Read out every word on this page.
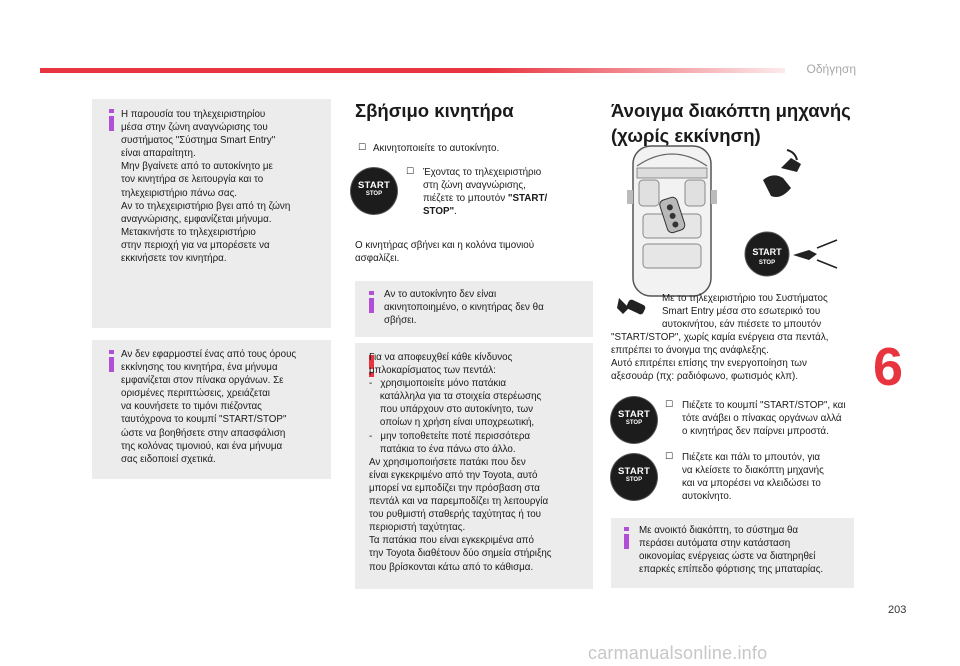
Οδήγηση
6
203
carmanualsonline.info
Η παρουσία του τηλεχειριστηρίου
μέσα στην ζώνη αναγνώρισης του
συστήματος "Σύστημα Smart Entry"
είναι απαραίτητη.
Μην βγαίνετε από το αυτοκίνητο με
τον κινητήρα σε λειτουργία και το
τηλεχειριστήριο πάνω σας.
Αν το τηλεχειριστήριο βγει από τη ζώνη
αναγνώρισης, εμφανίζεται μήνυμα.
Μετακινήστε το τηλεχειριστήριο
στην περιοχή για να μπορέσετε να
εκκινήσετε τον κινητήρα.
Αν δεν εφαρμοστεί ένας από τους όρους
εκκίνησης του κινητήρα, ένα μήνυμα
εμφανίζεται στον πίνακα οργάνων. Σε
ορισμένες περιπτώσεις, χρειάζεται
να κουνήσετε το τιμόνι πιέζοντας
ταυτόχρονα το κουμπί "START/STOP"
ώστε να βοηθήσετε στην απασφάλιση
της κολόνας τιμονιού, και ένα μήνυμα
σας ειδοποιεί σχετικά.
Σβήσιμο κινητήρα
☐ Ακινητοποιείτε το αυτοκίνητο.
START
STOP
☐ Έχοντας το τηλεχειριστήριο
στη ζώνη αναγνώρισης,
πιέζετε το μπουτόν "START/
STOP".
Ο κινητήρας σβήνει και η κολόνα τιμονιού
ασφαλίζει.
Αν το αυτοκίνητο δεν είναι
ακινητοποιημένο, ο κινητήρας δεν θα
σβήσει.
Για να αποφευχθεί κάθε κίνδυνος
μπλοκαρίσματος των πεντάλ:
-   χρησιμοποιείτε μόνο πατάκια
κατάλληλα για τα στοιχεία στερέωσης
που υπάρχουν στο αυτοκίνητο, των
οποίων η χρήση είναι υποχρεωτική,
-   μην τοποθετείτε ποτέ περισσότερα
πατάκια το ένα πάνω στο άλλο.
Αν χρησιμοποιήσετε πατάκι που δεν
είναι εγκεκριμένο από την Toyota, αυτό
μπορεί να εμποδίζει την πρόσβαση στα
πεντάλ και να παρεμποδίζει τη λειτουργία
του ρυθμιστή σταθερής ταχύτητας ή του
περιοριστή ταχύτητας.
Τα πατάκια που είναι εγκεκριμένα από
την Toyota διαθέτουν δύο σημεία στήριξης
που βρίσκονται κάτω από το κάθισμα.
Άνοιγμα διακόπτη μηχανής
(χωρίς εκκίνηση)
START
STOP
Με το τηλεχειριστήριο του Συστήματος
Smart Entry μέσα στο εσωτερικό του
αυτοκινήτου, εάν πιέσετε το μπουτόν
"START/STOP", χωρίς καμία ενέργεια στα πεντάλ,
επιτρέπει το άνοιγμα της ανάφλεξης.
Αυτό επιτρέπει επίσης την ενεργοποίηση των
αξεσουάρ (πχ: ραδιόφωνο, φωτισμός κλπ).
START
STOP
☐ Πιέζετε το κουμπί "START/STOP", και
τότε ανάβει ο πίνακας οργάνων αλλά
ο κινητήρας δεν παίρνει μπροστά.
START
STOP
☐ Πιέζετε και πάλι το μπουτόν, για
να κλείσετε το διακόπτη μηχανής
και να μπορέσει να κλειδώσει το
αυτοκίνητο.
Με ανοικτό διακόπτη, το σύστημα θα
περάσει αυτόματα στην κατάσταση
οικονομίας ενέργειας ώστε να διατηρηθεί
επαρκές επίπεδο φόρτισης της μπαταρίας.
